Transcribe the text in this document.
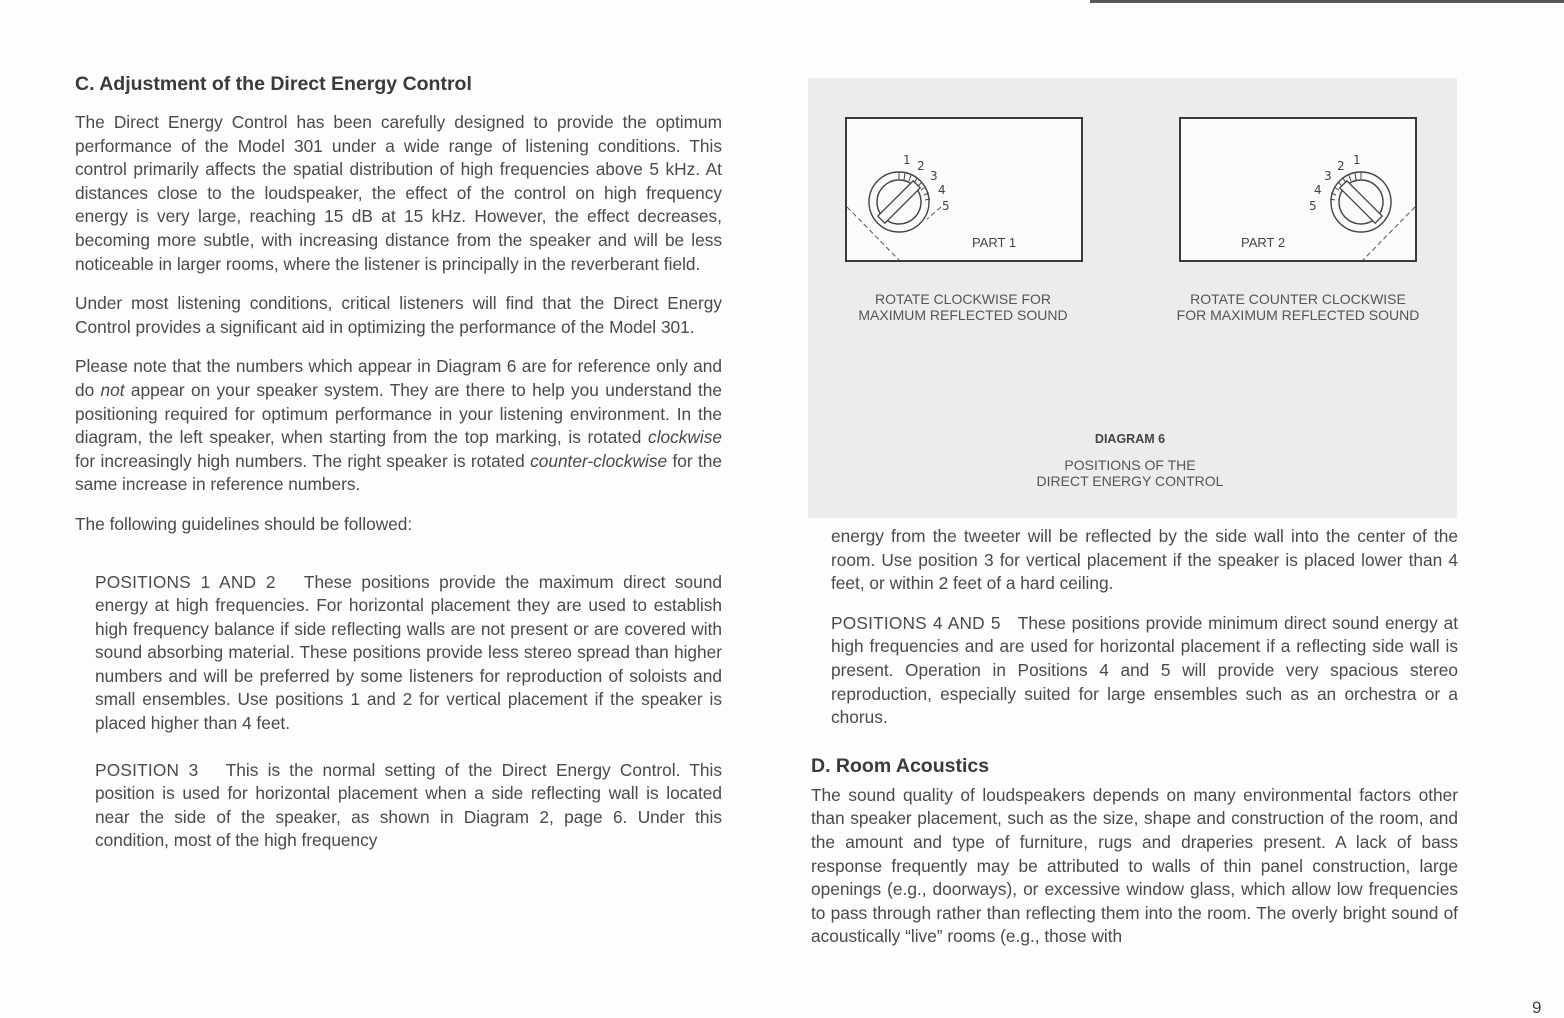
C. Adjustment of the Direct Energy Control

The Direct Energy Control has been carefully designed to provide the optimum performance of the Model 301 under a wide range of listening conditions. This control primarily affects the spatial distribution of high frequencies above 5 kHz. At distances close to the loudspeaker, the effect of the control on high frequency energy is very large, reaching 15 dB at 15 kHz. However, the effect decreases, becoming more subtle, with increasing distance from the speaker and will be less noticeable in larger rooms, where the listener is principally in the reverberant field.

Under most listening conditions, critical listeners will find that the Direct Energy Control provides a significant aid in optimizing the performance of the Model 301.

Please note that the numbers which appear in Diagram 6 are for reference only and do not appear on your speaker system. They are there to help you understand the positioning required for optimum performance in your listening environment. In the diagram, the left speaker, when starting from the top marking, is rotated clockwise for increasingly high numbers. The right speaker is rotated counter-clockwise for the same increase in reference numbers.

The following guidelines should be followed:

POSITIONS 1 AND 2 These positions provide the maximum direct sound energy at high frequencies. For horizontal placement they are used to establish high frequency balance if side reflecting walls are not present or are covered with sound absorbing material. These positions provide less stereo spread than higher numbers and will be preferred by some listeners for reproduction of soloists and small ensembles. Use positions 1 and 2 for vertical placement if the speaker is placed higher than 4 feet.

POSITION 3 This is the normal setting of the Direct Energy Control. This position is used for horizontal placement when a side reflecting wall is located near the side of the speaker, as shown in Diagram 2, page 6. Under this condition, most of the high frequency

1 2
3
4
5
PART 1
1
2
3
4
5
PART 2
ROTATE CLOCKWISE FOR
MAXIMUM REFLECTED SOUND
ROTATE COUNTER CLOCKWISE
FOR MAXIMUM REFLECTED SOUND
DIAGRAM 6
POSITIONS OF THE
DIRECT ENERGY CONTROL

energy from the tweeter will be reflected by the side wall into the center of the room. Use position 3 for vertical placement if the speaker is placed lower than 4 feet, or within 2 feet of a hard ceiling.

POSITIONS 4 AND 5 These positions provide minimum direct sound energy at high frequencies and are used for horizontal placement if a reflecting side wall is present. Operation in Positions 4 and 5 will provide very spacious stereo reproduction, especially suited for large ensembles such as an orchestra or a chorus.

D. Room Acoustics

The sound quality of loudspeakers depends on many environmental factors other than speaker placement, such as the size, shape and construction of the room, and the amount and type of furniture, rugs and draperies present. A lack of bass response frequently may be attributed to walls of thin panel construction, large openings (e.g., doorways), or excessive window glass, which allow low frequencies to pass through rather than reflecting them into the room. The overly bright sound of acoustically “live” rooms (e.g., those with

9
